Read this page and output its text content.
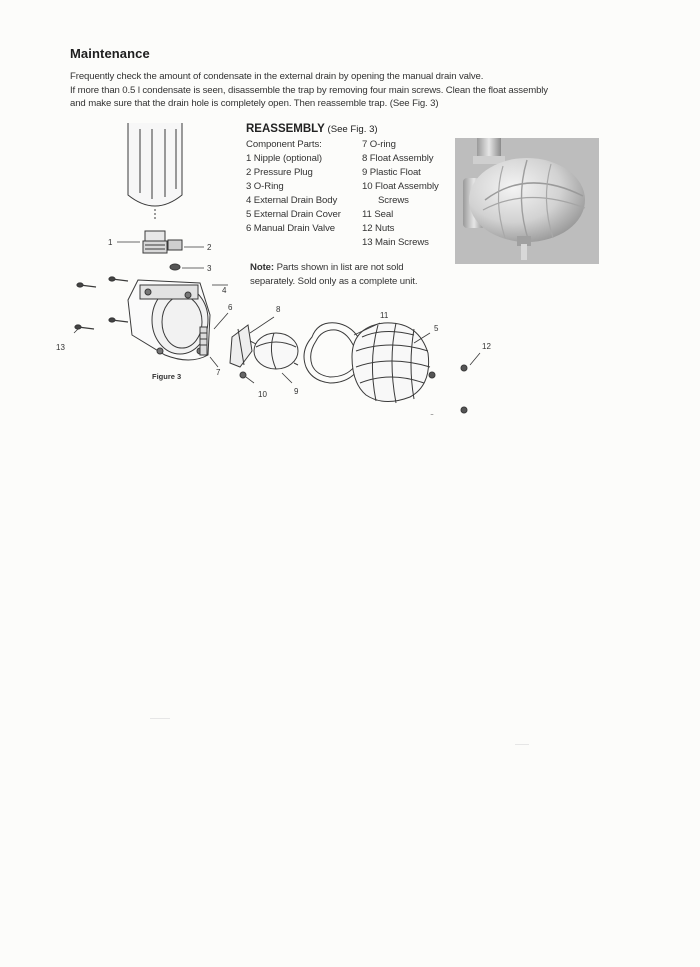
Maintenance

Frequently check the amount of condensate in the external drain by opening the manual drain valve.

If more than 0.5 l condensate is seen, disassemble the trap by removing four main screws. Clean the float assembly

and make sure that the drain hole is completely open. Then reassemble trap. (See Fig. 3)

REASSEMBLY (See Fig. 3)
Component Parts:
1 Nipple (optional)
2 Pressure Plug
3 O-Ring
4 External Drain Body
5 External Drain Cover
6 Manual Drain Valve
7 O-ring
8 Float Assembly
9 Plastic Float
10 Float Assembly
Screws
11 Seal
12 Nuts
13 Main Screws
Note: Parts shown in list are not sold separately. Sold only as a complete unit.
1
2
3
4
6
7
8
9
10
11
5
12
13
Figure 3
